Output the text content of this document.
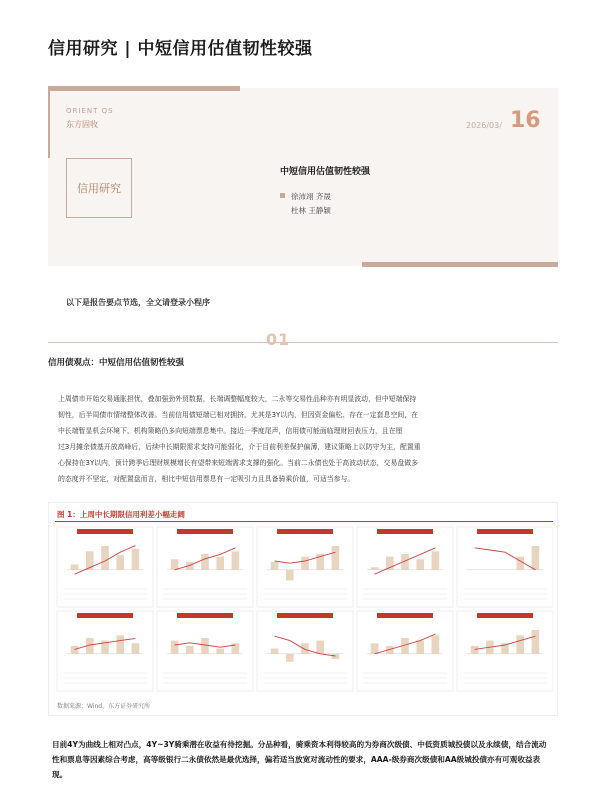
信用研究 | 中短信用估值韧性较强
ORIENT QS
东方固收	2026/03/ 16
信用研究
中短信用估值韧性较强
徐沛翊 齐晟
杜林 王静颖
以下是报告要点节选，全文请登录小程序
01
信用债观点：中短信用估值韧性较强

上周债市开始交易通胀担忧，叠加强劲外贸数据，长端调整幅度较大，二永等交易性品种亦有明显波动，但中短端保持

韧性，后半周债市情绪整体改善。当前信用债短端已相对拥挤，尤其是3Y以内，但因资金偏松、存在一定套息空间，在

中长端暂显机会环境下，机构策略仍多向短端票息集中。接近一季度尾声，信用债可能面临理财回表压力，且在厘

过3月摊余债基开放高峰后，后续中长期限需求支持可能弱化，介于目前利差保护偏薄，建议策略上以防守为主，配置重

心保持在3Y以内，预计跨季后理财规模增长有望带来短端需求支撑的强化。当前二永债也处于高波动状态，交易盘做多

的态度并不坚定，对配置盘而言，相比中短信用票息有一定吸引力且具备骑乘价值，可适当参与。

图 1：上周中长期限信用利差小幅走阔
数据来源：Wind，东方证券研究所
目前4Y为曲线上相对凸点，4Y~3Y骑乘潜在收益有待挖掘。分品种看，骑乘资本利得较高的为券商次级债、中低资质城投债以及永续债，结合流动性和票息等因素综合考虑，高等级银行二永债依然是最优选择，偏若适当放宽对流动性的要求，AAA-级券商次级债和AA级城投债亦有可观收益表现。
